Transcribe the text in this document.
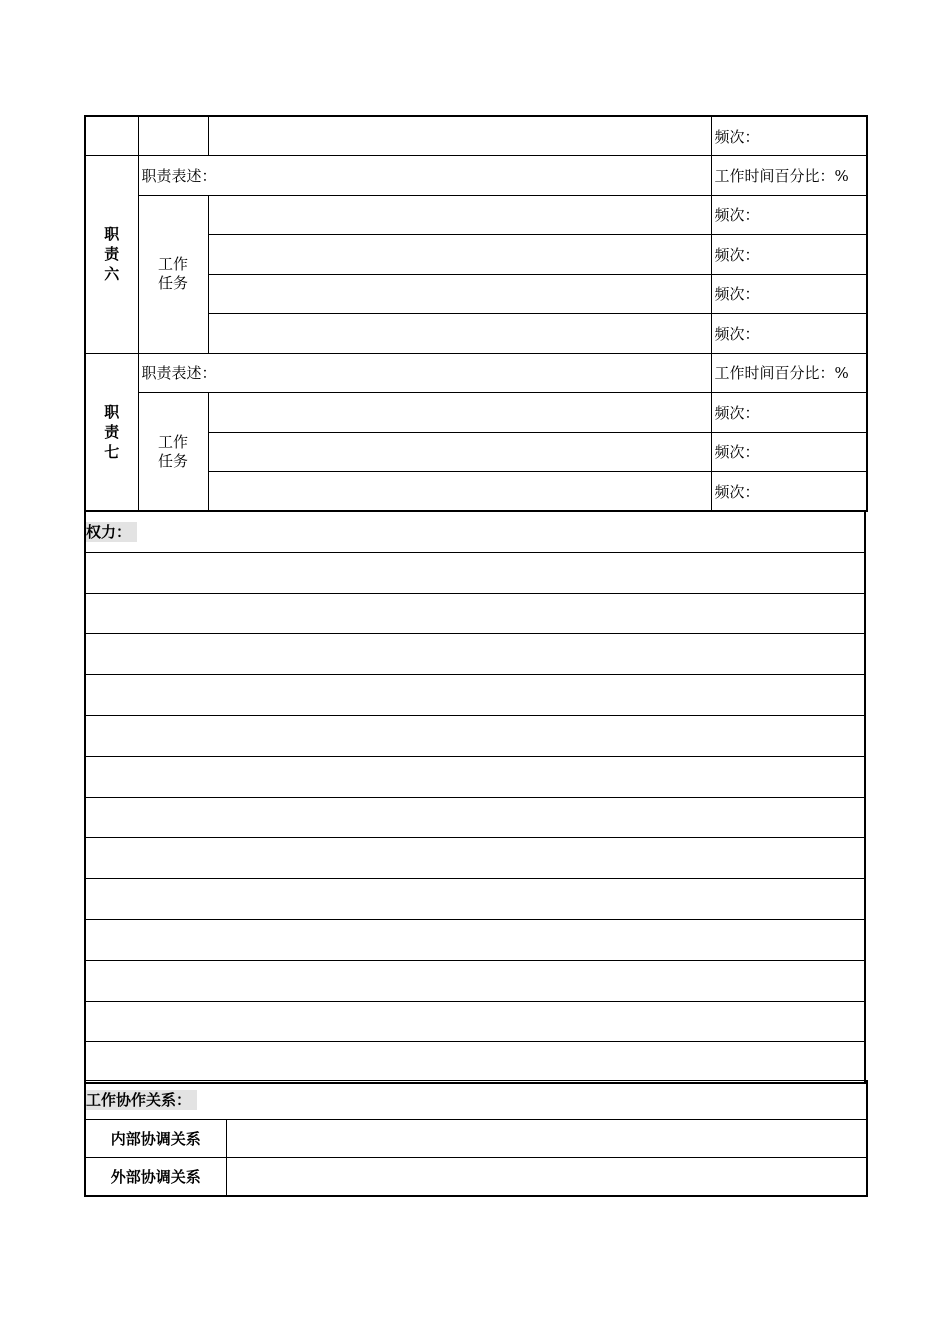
			频次：
职
责
六	职责表述：		工作时间百分比：%
	工作
任务		频次：
			频次：
			频次：
			频次：
职
责
七	职责表述：		工作时间百分比：%
	工作
任务		频次：
			频次：
			频次：
权力：

工作协作关系：	
内部协调关系	
外部协调关系	
